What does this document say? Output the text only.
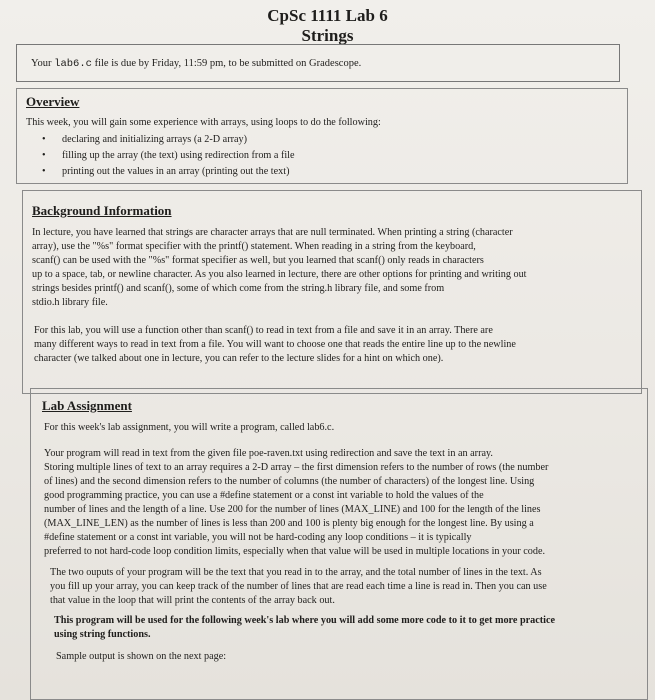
CpSc 1111 Lab 6
Strings
Your lab6.c file is due by Friday, 11:59 pm, to be submitted on Gradescope.
Overview
This week, you will gain some experience with arrays, using loops to do the following:
• declaring and initializing arrays (a 2-D array)
• filling up the array (the text) using redirection from a file
• printing out the values in an array (printing out the text)
Background Information
In lecture, you have learned that strings are character arrays that are null terminated. When printing a string (character
array), use the "%s" format specifier with the printf() statement. When reading in a string from the keyboard,
scanf() can be used with the "%s" format specifier as well, but you learned that scanf() only reads in characters
up to a space, tab, or newline character. As you also learned in lecture, there are other options for printing and writing out
strings besides printf() and scanf(), some of which come from the string.h library file, and some from
stdio.h library file.
For this lab, you will use a function other than scanf() to read in text from a file and save it in an array. There are
many different ways to read in text from a file. You will want to choose one that reads the entire line up to the newline
character (we talked about one in lecture, you can refer to the lecture slides for a hint on which one).
Lab Assignment
For this week's lab assignment, you will write a program, called lab6.c.
Your program will read in text from the given file poe-raven.txt using redirection and save the text in an array.
Storing multiple lines of text to an array requires a 2-D array – the first dimension refers to the number of rows (the number
of lines) and the second dimension refers to the number of columns (the number of characters) of the longest line. Using
good programming practice, you can use a #define statement or a const int variable to hold the values of the
number of lines and the length of a line. Use 200 for the number of lines (MAX_LINE) and 100 for the length of the lines
(MAX_LINE_LEN) as the number of lines is less than 200 and 100 is plenty big enough for the longest line. By using a
#define statement or a const int variable, you will not be hard-coding any loop conditions – it is typically
preferred to not hard-code loop condition limits, especially when that value will be used in multiple locations in your code.
The two ouputs of your program will be the text that you read in to the array, and the total number of lines in the text. As
you fill up your array, you can keep track of the number of lines that are read each time a line is read in. Then you can use
that value in the loop that will print the contents of the array back out.
This program will be used for the following week's lab where you will add some more code to it to get more practice
using string functions.
Sample output is shown on the next page:
